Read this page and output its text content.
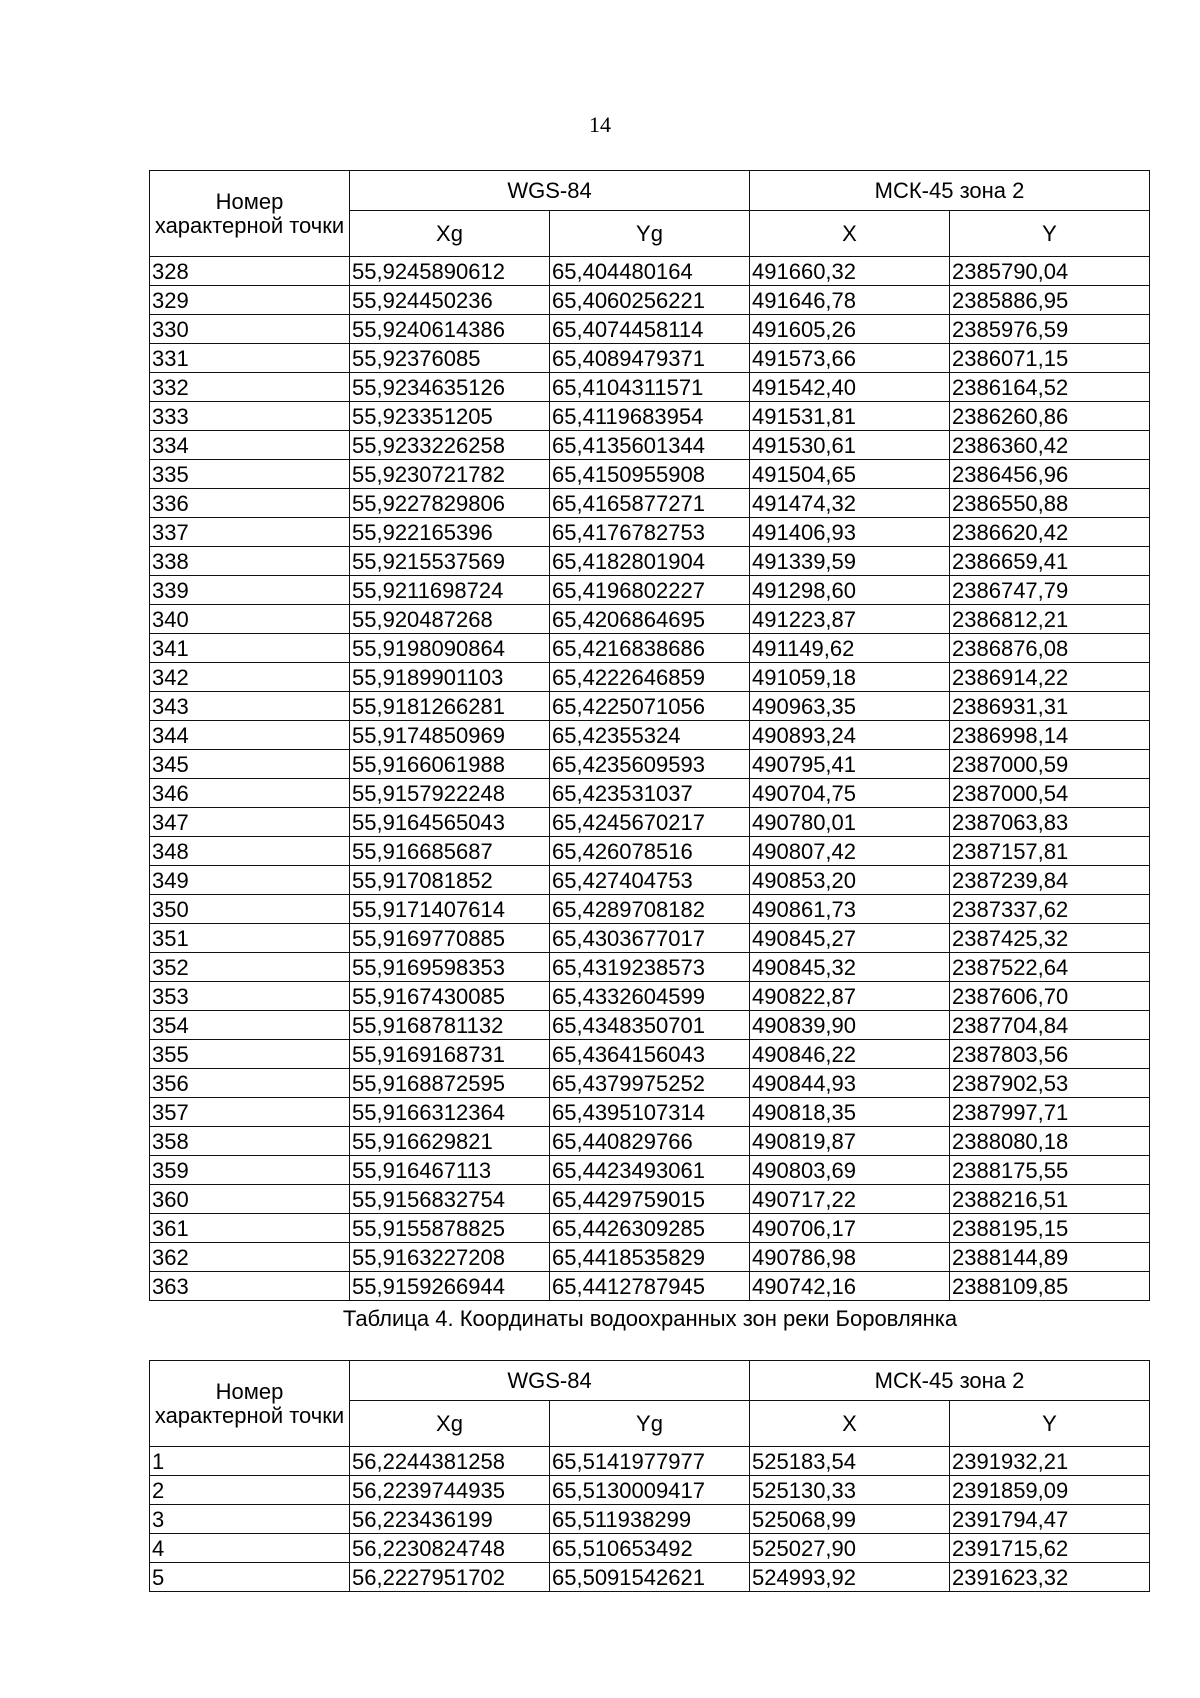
14
Номер характерной точки	WGS-84		МСК-45 зона 2	
	Xg	Yg	X	Y
328	55,9245890612	65,404480164	491660,32	2385790,04
329	55,924450236	65,4060256221	491646,78	2385886,95
330	55,9240614386	65,4074458114	491605,26	2385976,59
331	55,92376085	65,4089479371	491573,66	2386071,15
332	55,9234635126	65,4104311571	491542,40	2386164,52
333	55,923351205	65,4119683954	491531,81	2386260,86
334	55,9233226258	65,4135601344	491530,61	2386360,42
335	55,9230721782	65,4150955908	491504,65	2386456,96
336	55,9227829806	65,4165877271	491474,32	2386550,88
337	55,922165396	65,4176782753	491406,93	2386620,42
338	55,9215537569	65,4182801904	491339,59	2386659,41
339	55,9211698724	65,4196802227	491298,60	2386747,79
340	55,920487268	65,4206864695	491223,87	2386812,21
341	55,9198090864	65,4216838686	491149,62	2386876,08
342	55,9189901103	65,4222646859	491059,18	2386914,22
343	55,9181266281	65,4225071056	490963,35	2386931,31
344	55,9174850969	65,42355324	490893,24	2386998,14
345	55,9166061988	65,4235609593	490795,41	2387000,59
346	55,9157922248	65,423531037	490704,75	2387000,54
347	55,9164565043	65,4245670217	490780,01	2387063,83
348	55,916685687	65,426078516	490807,42	2387157,81
349	55,917081852	65,427404753	490853,20	2387239,84
350	55,9171407614	65,4289708182	490861,73	2387337,62
351	55,9169770885	65,4303677017	490845,27	2387425,32
352	55,9169598353	65,4319238573	490845,32	2387522,64
353	55,9167430085	65,4332604599	490822,87	2387606,70
354	55,9168781132	65,4348350701	490839,90	2387704,84
355	55,9169168731	65,4364156043	490846,22	2387803,56
356	55,9168872595	65,4379975252	490844,93	2387902,53
357	55,9166312364	65,4395107314	490818,35	2387997,71
358	55,916629821	65,440829766	490819,87	2388080,18
359	55,916467113	65,4423493061	490803,69	2388175,55
360	55,9156832754	65,4429759015	490717,22	2388216,51
361	55,9155878825	65,4426309285	490706,17	2388195,15
362	55,9163227208	65,4418535829	490786,98	2388144,89
363	55,9159266944	65,4412787945	490742,16	2388109,85
Таблица 4. Координаты водоохранных зон реки Боровлянка
Номер характерной точки	WGS-84		МСК-45 зона 2	
	Xg	Yg	X	Y
1	56,2244381258	65,5141977977	525183,54	2391932,21
2	56,2239744935	65,5130009417	525130,33	2391859,09
3	56,223436199	65,511938299	525068,99	2391794,47
4	56,2230824748	65,510653492	525027,90	2391715,62
5	56,2227951702	65,5091542621	524993,92	2391623,32
